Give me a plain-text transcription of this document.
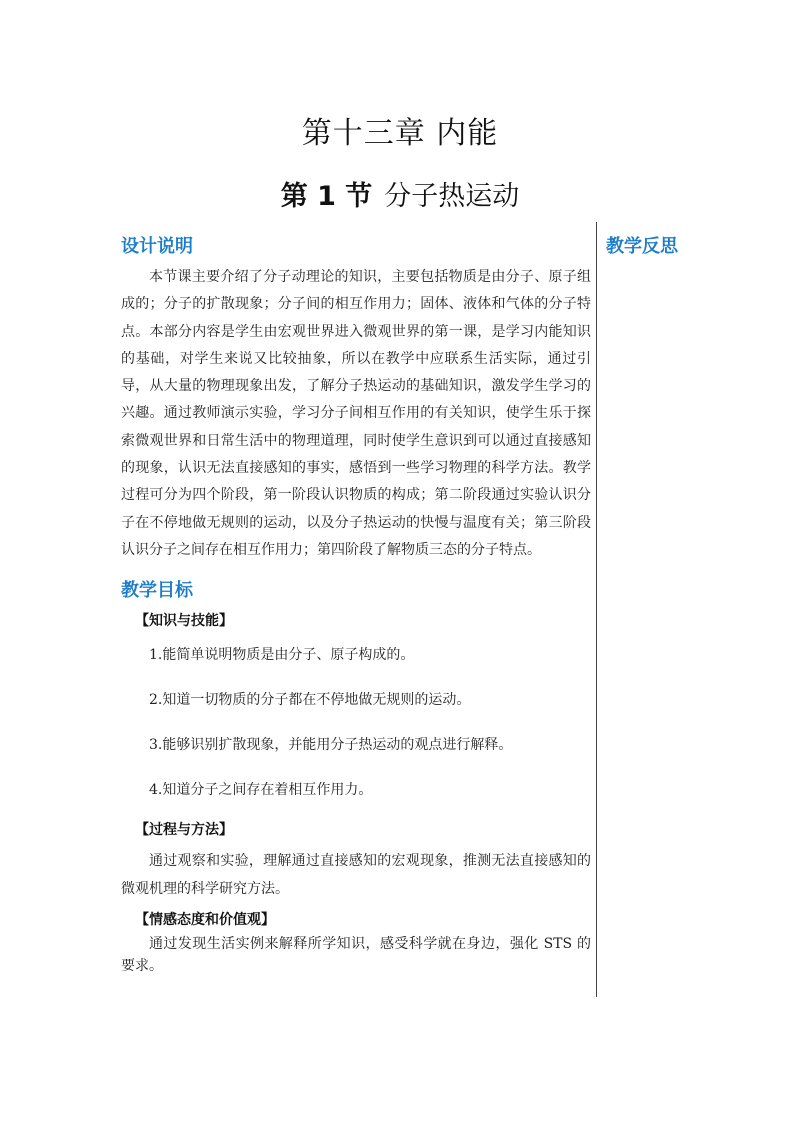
第十三章 内能
第 1 节 分子热运动
教学反思
设计说明

本节课主要介绍了分子动理论的知识，主要包括物质是由分子、原子组成的；分子的扩散现象；分子间的相互作用力；固体、液体和气体的分子特点。本部分内容是学生由宏观世界进入微观世界的第一课，是学习内能知识的基础，对学生来说又比较抽象，所以在教学中应联系生活实际，通过引导，从大量的物理现象出发，了解分子热运动的基础知识，激发学生学习的兴趣。通过教师演示实验，学习分子间相互作用的有关知识，使学生乐于探索微观世界和日常生活中的物理道理，同时使学生意识到可以通过直接感知的现象，认识无法直接感知的事实，感悟到一些学习物理的科学方法。教学过程可分为四个阶段，第一阶段认识物质的构成；第二阶段通过实验认识分子在不停地做无规则的运动，以及分子热运动的快慢与温度有关；第三阶段认识分子之间存在相互作用力；第四阶段了解物质三态的分子特点。

教学目标
【知识与技能】
1.能简单说明物质是由分子、原子构成的。
2.知道一切物质的分子都在不停地做无规则的运动。
3.能够识别扩散现象，并能用分子热运动的观点进行解释。
4.知道分子之间存在着相互作用力。
【过程与方法】

通过观察和实验，理解通过直接感知的宏观现象，推测无法直接感知的微观机理的科学研究方法。

【情感态度和价值观】

通过发现生活实例来解释所学知识，感受科学就在身边，强化 STS 的要求。
